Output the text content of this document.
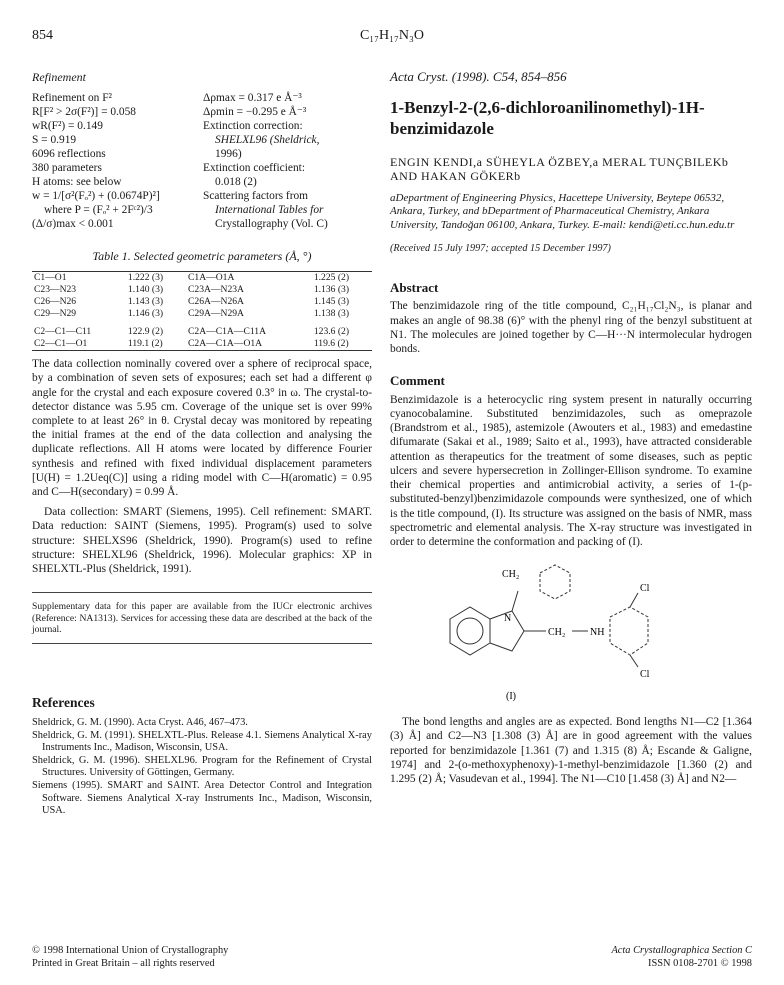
854	C₁₇H₁₇N₃O
Refinement
Refinement on F²
R[F² > 2σ(F²)] = 0.058
wR(F²) = 0.149
S = 0.919
6096 reflections
380 parameters
H atoms: see below
w = 1/[σ²(Fₒ²) + (0.0674P)²]
where P = (Fₒ² + 2Fᶜ²)/3
(Δ/σ)max < 0.001
Δρmax = 0.317 e Å⁻³
Δρmin = −0.295 e Å⁻³
Extinction correction:
SHELXL96 (Sheldrick,
1996)
Extinction coefficient:
0.018 (2)
Scattering factors from
International Tables for
Crystallography (Vol. C)
Table 1. Selected geometric parameters (Å, °)
C1—O1	1.222 (3)	C1A—O1A	1.225 (2)
C23—N23	1.140 (3)	C23A—N23A	1.136 (3)
C26—N26	1.143 (3)	C26A—N26A	1.145 (3)
C29—N29	1.146 (3)	C29A—N29A	1.138 (3)
C2—C1—C11	122.9 (2)	C2A—C1A—C11A	123.6 (2)
C2—C1—O1	119.1 (2)	C2A—C1A—O1A	119.6 (2)

The data collection nominally covered over a sphere of reciprocal space, by a combination of seven sets of exposures; each set had a different φ angle for the crystal and each exposure covered 0.3° in ω. The crystal-to-detector distance was 5.95 cm. Coverage of the unique set is over 99% complete to at least 26° in θ. Crystal decay was monitored by repeating the initial frames at the end of the data collection and analysing the duplicate reflections. All H atoms were located by difference Fourier synthesis and refined with fixed individual displacement parameters [U(H) = 1.2Ueq(C)] using a riding model with C—H(aromatic) = 0.95 and C—H(secondary) = 0.99 Å.

Data collection: SMART (Siemens, 1995). Cell refinement: SMART. Data reduction: SAINT (Siemens, 1995). Program(s) used to solve structure: SHELXS96 (Sheldrick, 1990). Program(s) used to refine structure: SHELXL96 (Sheldrick, 1996). Molecular graphics: XP in SHELXTL-Plus (Sheldrick, 1991).

Supplementary data for this paper are available from the IUCr electronic archives (Reference: NA1313). Services for accessing these data are described at the back of the journal.
References

Sheldrick, G. M. (1990). Acta Cryst. A46, 467–473.

Sheldrick, G. M. (1991). SHELXTL-Plus. Release 4.1. Siemens Analytical X-ray Instruments Inc., Madison, Wisconsin, USA.

Sheldrick, G. M. (1996). SHELXL96. Program for the Refinement of Crystal Structures. University of Göttingen, Germany.

Siemens (1995). SMART and SAINT. Area Detector Control and Integration Software. Siemens Analytical X-ray Instruments Inc., Madison, Wisconsin, USA.

Acta Cryst. (1998). C54, 854–856
1-Benzyl-2-(2,6-dichloroanilinomethyl)-1H-benzimidazole
ENGIN KENDI,a SÜHEYLA ÖZBEY,a MERAL TUNÇBILEKb AND HAKAN GÖKERb
aDepartment of Engineering Physics, Hacettepe University, Beytepe 06532, Ankara, Turkey, and bDepartment of Pharmaceutical Chemistry, Ankara University, Tandoğan 06100, Ankara, Turkey. E-mail: kendi@eti.cc.hun.edu.tr
(Received 15 July 1997; accepted 15 December 1997)
Abstract

The benzimidazole ring of the title compound, C₂₁H₁₇Cl₂N₃, is planar and makes an angle of 98.38 (6)° with the phenyl ring of the benzyl substituent at N1. The molecules are joined together by C—H···N intermolecular hydrogen bonds.

Comment

Benzimidazole is a heterocyclic ring system present in naturally occurring cyanocobalamine. Substituted benzimidazoles, such as omeprazole (Brandstrom et al., 1985), astemizole (Awouters et al., 1983) and emedastine difumarate (Sakai et al., 1989; Saito et al., 1993), have attracted considerable attention as therapeutics for the treatment of some diseases, such as peptic ulcers and severe hypersecretion in Zollinger-Ellison syndrome. To examine their chemical properties and antimicrobial activity, a series of 1-(p-substituted-benzyl)benzimidazole compounds were synthesized, one of which is the title compound, (I). Its structure was assigned on the basis of NMR, mass spectrometric and elemental analysis. The X-ray structure was investigated in order to determine the conformation and packing of (I).

CH₂
N
CH₂ NH
Cl
Cl
(I)

The bond lengths and angles are as expected. Bond lengths N1—C2 [1.364 (3) Å] and C2—N3 [1.308 (3) Å] are in good agreement with the values reported for benzimidazole [1.361 (7) and 1.315 (8) Å; Escande & Galigne, 1974] and 2-(o-methoxyphenoxy)-1-methyl-benzimidazole [1.360 (2) and 1.295 (2) Å; Vasudevan et al., 1994]. The N1—C10 [1.458 (3) Å] and N2—

© 1998 International Union of Crystallography
Printed in Great Britain – all rights reserved
Acta Crystallographica Section C
ISSN 0108-2701 © 1998
